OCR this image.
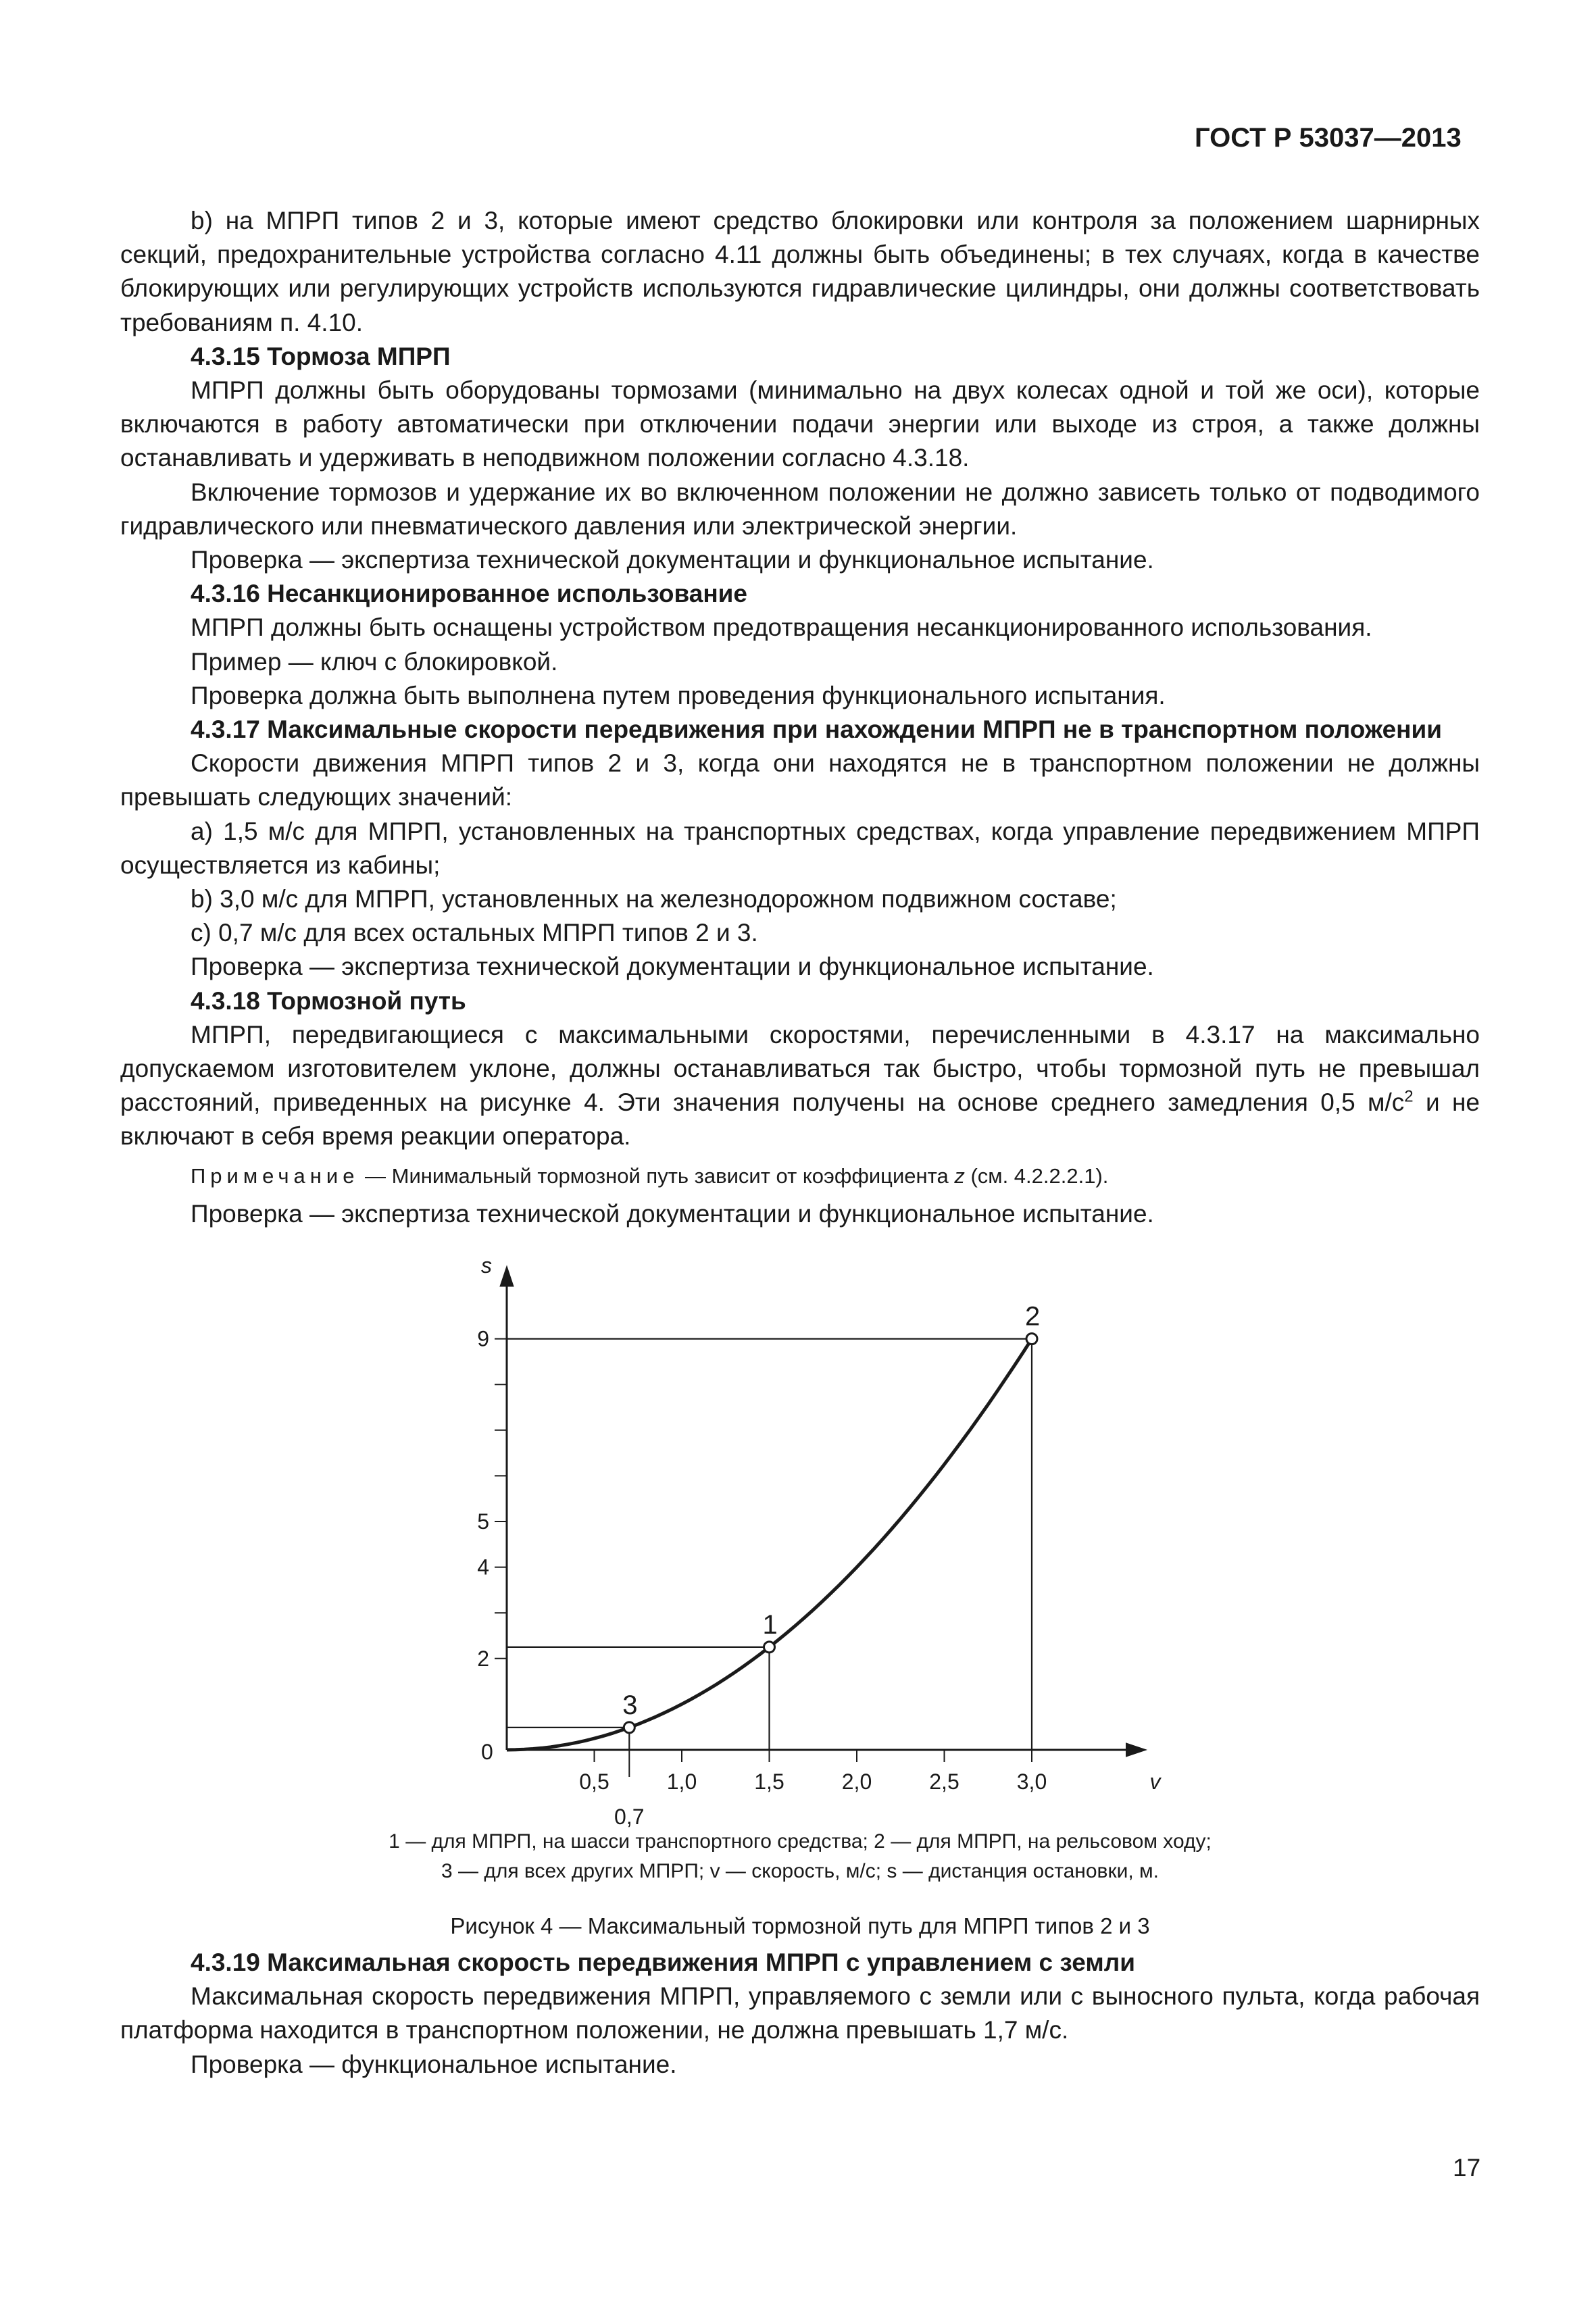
ГОСТ Р 53037—2013

b) на МПРП типов 2 и 3, которые имеют средство блокировки или контроля за положением шарнирных секций, предохранительные устройства согласно 4.11 должны быть объединены; в тех случаях, когда в качестве блокирующих или регулирующих устройств используются гидравлические цилиндры, они должны соответствовать требованиям п. 4.10.

4.3.15 Тормоза МПРП

МПРП должны быть оборудованы тормозами (минимально на двух колесах одной и той же оси), которые включаются в работу автоматически при отключении подачи энергии или выходе из строя, а также должны останавливать и удерживать в неподвижном положении согласно 4.3.18.

Включение тормозов и удержание их во включенном положении не должно зависеть только от подводимого гидравлического или пневматического давления или электрической энергии.

Проверка — экспертиза технической документации и функциональное испытание.

4.3.16 Несанкционированное использование

МПРП должны быть оснащены устройством предотвращения несанкционированного использования.

Пример — ключ с блокировкой.

Проверка должна быть выполнена путем проведения функционального испытания.

4.3.17 Максимальные скорости передвижения при нахождении МПРП не в транспортном положении

Скорости движения МПРП типов 2 и 3, когда они находятся не в транспортном положении не должны превышать следующих значений:

а) 1,5 м/с для МПРП, установленных на транспортных средствах, когда управление передвижением МПРП осуществляется из кабины;

b) 3,0 м/с для МПРП, установленных на железнодорожном подвижном составе;

с) 0,7 м/с для всех остальных МПРП типов 2 и 3.

Проверка — экспертиза технической документации и функциональное испытание.

4.3.18 Тормозной путь

МПРП, передвигающиеся с максимальными скоростями, перечисленными в 4.3.17 на максимально допускаемом изготовителем уклоне, должны останавливаться так быстро, чтобы тормозной путь не превышал расстояний, приведенных на рисунке 4. Эти значения получены на основе среднего замедления 0,5 $м/с^2$ и не включают в себя время реакции оператора.

Примечание — Минимальный тормозной путь зависит от коэффициента z (см. 4.2.2.2.1).

Проверка — экспертиза технической документации и функциональное испытание.

0
s
v
0,5	1,0	1,5	2,0	2,5	3,0
0,7
2
4
5
9
3
1
2
1 — для МПРП, на шасси транспортного средства; 2 — для МПРП, на рельсовом ходу;
3 — для всех других МПРП; v — скорость, м/с; s — дистанция остановки, м.
Рисунок 4 — Максимальный тормозной путь для МПРП типов 2 и 3

4.3.19 Максимальная скорость передвижения МПРП с управлением с земли

Максимальная скорость передвижения МПРП, управляемого с земли или с выносного пульта, когда рабочая платформа находится в транспортном положении, не должна превышать 1,7 м/с.

Проверка — функциональное испытание.

17
